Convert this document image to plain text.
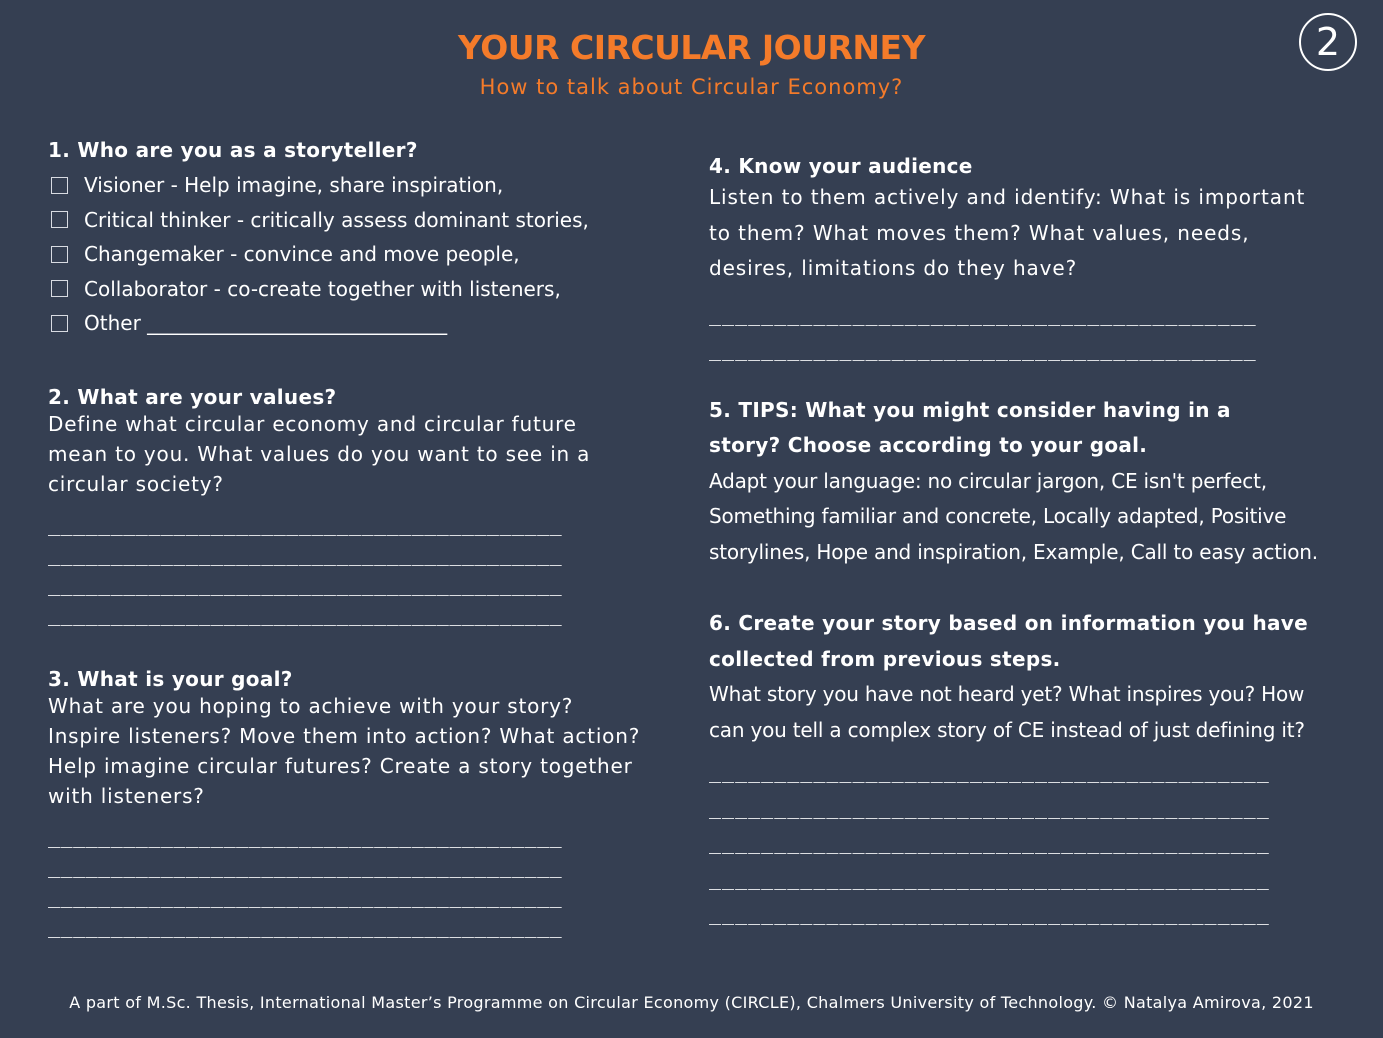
YOUR CIRCULAR JOURNEY
How to talk about Circular Economy?
2
1. Who are you as a storyteller?
Visioner - Help imagine, share inspiration,
Critical thinker - critically assess dominant stories,
Changemaker - convince and move people,
Collaborator - co-create together with listeners,
Other ______________________________
2. What are your values?
Define what circular economy and circular future mean to you. What values do you want to see in a circular society?
_________________________________________
_________________________________________
_________________________________________
_________________________________________
3. What is your goal?
What are you hoping to achieve with your story? Inspire listeners? Move them into action? What action? Help imagine circular futures? Create a story together with listeners?
_________________________________________
_________________________________________
_________________________________________
_________________________________________
4. Know your audience
Listen to them actively and identify: What is important to them? What moves them? What values, needs, desires, limitations do they have?
__________________________________________
__________________________________________
5. TIPS: What you might consider having in a story? Choose according to your goal.
Adapt your language: no circular jargon, CE isn't perfect, Something familiar and concrete, Locally adapted, Positive storylines, Hope and inspiration, Example, Call to easy action.
6. Create your story based on information you have collected from previous steps.
What story you have not heard yet? What inspires you? How can you tell a complex story of CE instead of just defining it?
___________________________________________
___________________________________________
___________________________________________
___________________________________________
___________________________________________
A part of M.Sc. Thesis, International Master’s Programme on Circular Economy (CIRCLE), Chalmers University of Technology. © Natalya Amirova, 2021
